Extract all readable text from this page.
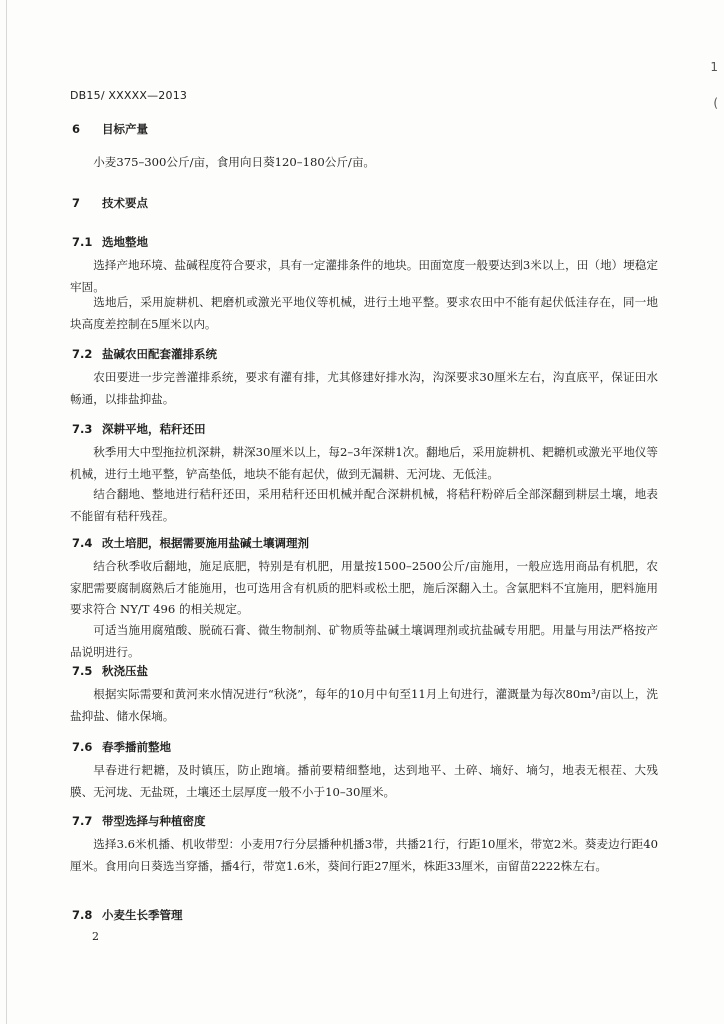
1
(
DB15/ XXXXX—2013
6 目标产量
小麦375–300公斤/亩，食用向日葵120–180公斤/亩。
7 技术要点
7.1 选地整地
选择产地环境、盐碱程度符合要求，具有一定灌排条件的地块。田面宽度一般要达到3米以上，田（地）埂稳定牢固。
选地后，采用旋耕机、耙磨机或激光平地仪等机械，进行土地平整。要求农田中不能有起伏低洼存在，同一地块高度差控制在5厘米以内。
7.2 盐碱农田配套灌排系统
农田要进一步完善灌排系统，要求有灌有排，尤其修建好排水沟，沟深要求30厘米左右，沟直底平，保证田水畅通，以排盐抑盐。
7.3 深耕平地，秸秆还田
秋季用大中型拖拉机深耕，耕深30厘米以上，每2–3年深耕1次。翻地后，采用旋耕机、耙耱机或激光平地仪等机械，进行土地平整，铲高垫低，地块不能有起伏，做到无漏耕、无河垅、无低洼。
结合翻地、整地进行秸秆还田，采用秸秆还田机械并配合深耕机械，将秸秆粉碎后全部深翻到耕层土壤，地表不能留有秸秆残茬。
7.4 改土培肥，根据需要施用盐碱土壤调理剂
结合秋季收后翻地，施足底肥，特别是有机肥，用量按1500–2500公斤/亩施用，一般应选用商品有机肥，农家肥需要腐制腐熟后才能施用，也可选用含有机质的肥料或松土肥，施后深翻入土。含氯肥料不宜施用，肥料施用要求符合 NY/T 496 的相关规定。
可适当施用腐殖酸、脱硫石膏、微生物制剂、矿物质等盐碱土壤调理剂或抗盐碱专用肥。用量与用法严格按产品说明进行。
7.5 秋浇压盐
根据实际需要和黄河来水情况进行“秋浇”，每年的10月中旬至11月上旬进行，灌溉量为每次80m³/亩以上，洗盐抑盐、储水保墒。
7.6 春季播前整地
早春进行耙耱，及时镇压，防止跑墒。播前要精细整地，达到地平、土碎、墒好、墒匀，地表无根茬、大残膜、无河垅、无盐斑，土壤还土层厚度一般不小于10–30厘米。
7.7 带型选择与种植密度
选择3.6米机播、机收带型：小麦用7行分层播种机播3带，共播21行，行距10厘米，带宽2米。葵麦边行距40厘米。食用向日葵选当穿播，播4行，带宽1.6米，葵间行距27厘米，株距33厘米，亩留苗2222株左右。
7.8 小麦生长季管理
2
